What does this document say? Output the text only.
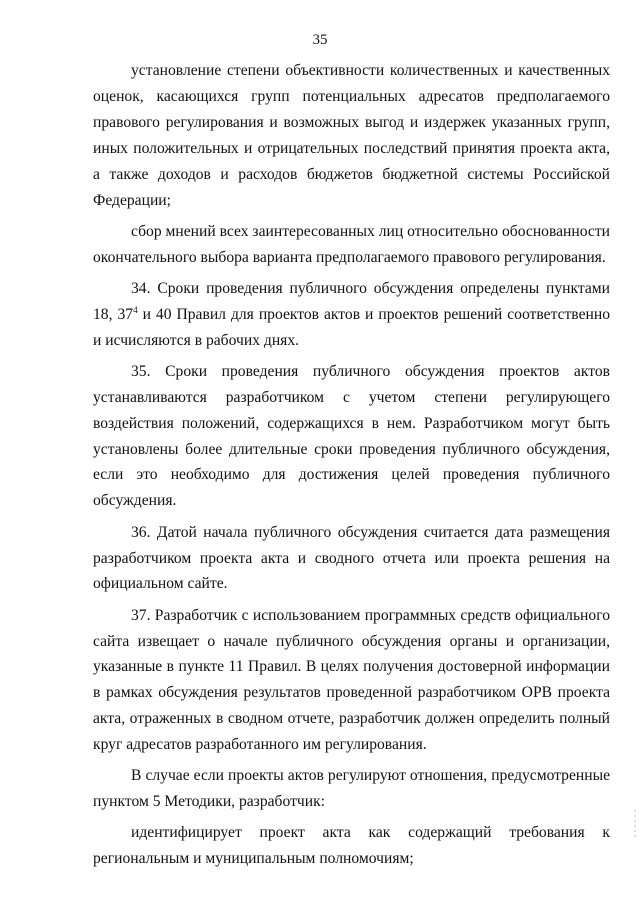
35

установление степени объективности количественных и качественных оценок, касающихся групп потенциальных адресатов предполагаемого правового регулирования и возможных выгод и издержек указанных групп, иных положительных и отрицательных последствий принятия проекта акта, а также доходов и расходов бюджетов бюджетной системы Российской Федерации;

сбор мнений всех заинтересованных лиц относительно обоснованности окончательного выбора варианта предполагаемого правового регулирования.

34. Сроки проведения публичного обсуждения определены пунктами 18, $37^4$ и 40 Правил для проектов актов и проектов решений соответственно и исчисляются в рабочих днях.

35. Сроки проведения публичного обсуждения проектов актов устанавливаются разработчиком с учетом степени регулирующего воздействия положений, содержащихся в нем. Разработчиком могут быть установлены более длительные сроки проведения публичного обсуждения, если это необходимо для достижения целей проведения публичного обсуждения.

36. Датой начала публичного обсуждения считается дата размещения разработчиком проекта акта и сводного отчета или проекта решения на официальном сайте.

37. Разработчик с использованием программных средств официального сайта извещает о начале публичного обсуждения органы и организации, указанные в пункте 11 Правил. В целях получения достоверной информации в рамках обсуждения результатов проведенной разработчиком ОРВ проекта акта, отраженных в сводном отчете, разработчик должен определить полный круг адресатов разработанного им регулирования.

В случае если проекты актов регулируют отношения, предусмотренные пунктом 5 Методики, разработчик:

идентифицирует проект акта как содержащий требования к региональным и муниципальным полномочиям;
